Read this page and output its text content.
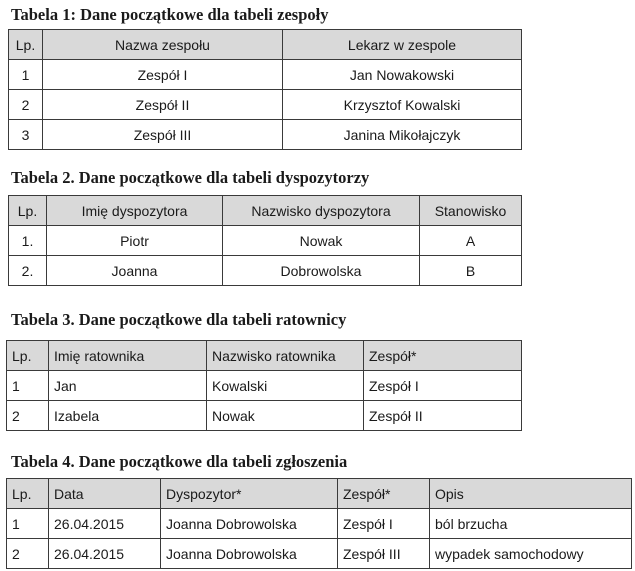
Tabela 1: Dane początkowe dla tabeli zespoły
Lp.	Nazwa zespołu	Lekarz w zespole
1	Zespół I	Jan Nowakowski
2	Zespół II	Krzysztof Kowalski
3	Zespół III	Janina Mikołajczyk
Tabela 2. Dane początkowe dla tabeli dyspozytorzy
Lp.	Imię dyspozytora	Nazwisko dyspozytora	Stanowisko
1.	Piotr	Nowak	A
2.	Joanna	Dobrowolska	B
Tabela 3. Dane początkowe dla tabeli ratownicy
Lp.	Imię ratownika	Nazwisko ratownika	Zespół*
1	Jan	Kowalski	Zespół I
2	Izabela	Nowak	Zespół II
Tabela 4. Dane początkowe dla tabeli zgłoszenia
Lp.	Data	Dyspozytor*	Zespół*	Opis
1	26.04.2015	Joanna Dobrowolska	Zespół I	ból brzucha
2	26.04.2015	Joanna Dobrowolska	Zespół III	wypadek samochodowy
